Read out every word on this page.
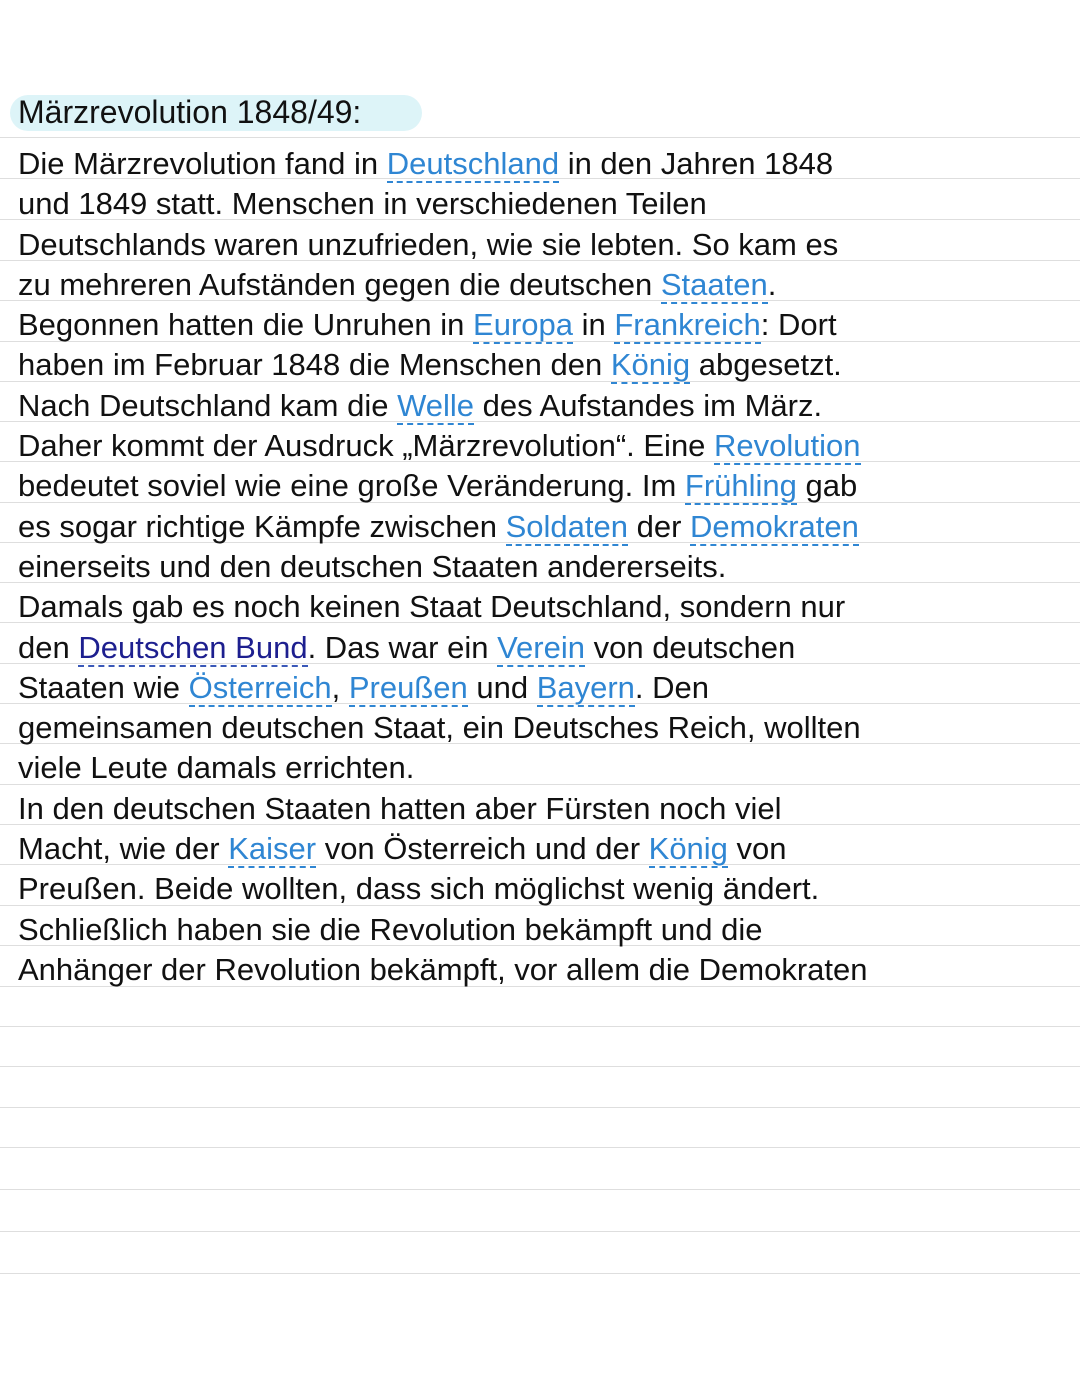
Märzrevolution 1848/49:
Die Märzrevolution fand in Deutschland in den Jahren 1848
und 1849 statt. Menschen in verschiedenen Teilen
Deutschlands waren unzufrieden, wie sie lebten. So kam es
zu mehreren Aufständen gegen die deutschen Staaten.
Begonnen hatten die Unruhen in Europa in Frankreich: Dort
haben im Februar 1848 die Menschen den König abgesetzt.
Nach Deutschland kam die Welle des Aufstandes im März.
Daher kommt der Ausdruck „Märzrevolution“. Eine Revolution
bedeutet soviel wie eine große Veränderung. Im Frühling gab
es sogar richtige Kämpfe zwischen Soldaten der Demokraten
einerseits und den deutschen Staaten andererseits.
Damals gab es noch keinen Staat Deutschland, sondern nur
den Deutschen Bund. Das war ein Verein von deutschen
Staaten wie Österreich, Preußen und Bayern. Den
gemeinsamen deutschen Staat, ein Deutsches Reich, wollten
viele Leute damals errichten.
In den deutschen Staaten hatten aber Fürsten noch viel
Macht, wie der Kaiser von Österreich und der König von
Preußen. Beide wollten, dass sich möglichst wenig ändert.
Schließlich haben sie die Revolution bekämpft und die
Anhänger der Revolution bekämpft, vor allem die Demokraten
